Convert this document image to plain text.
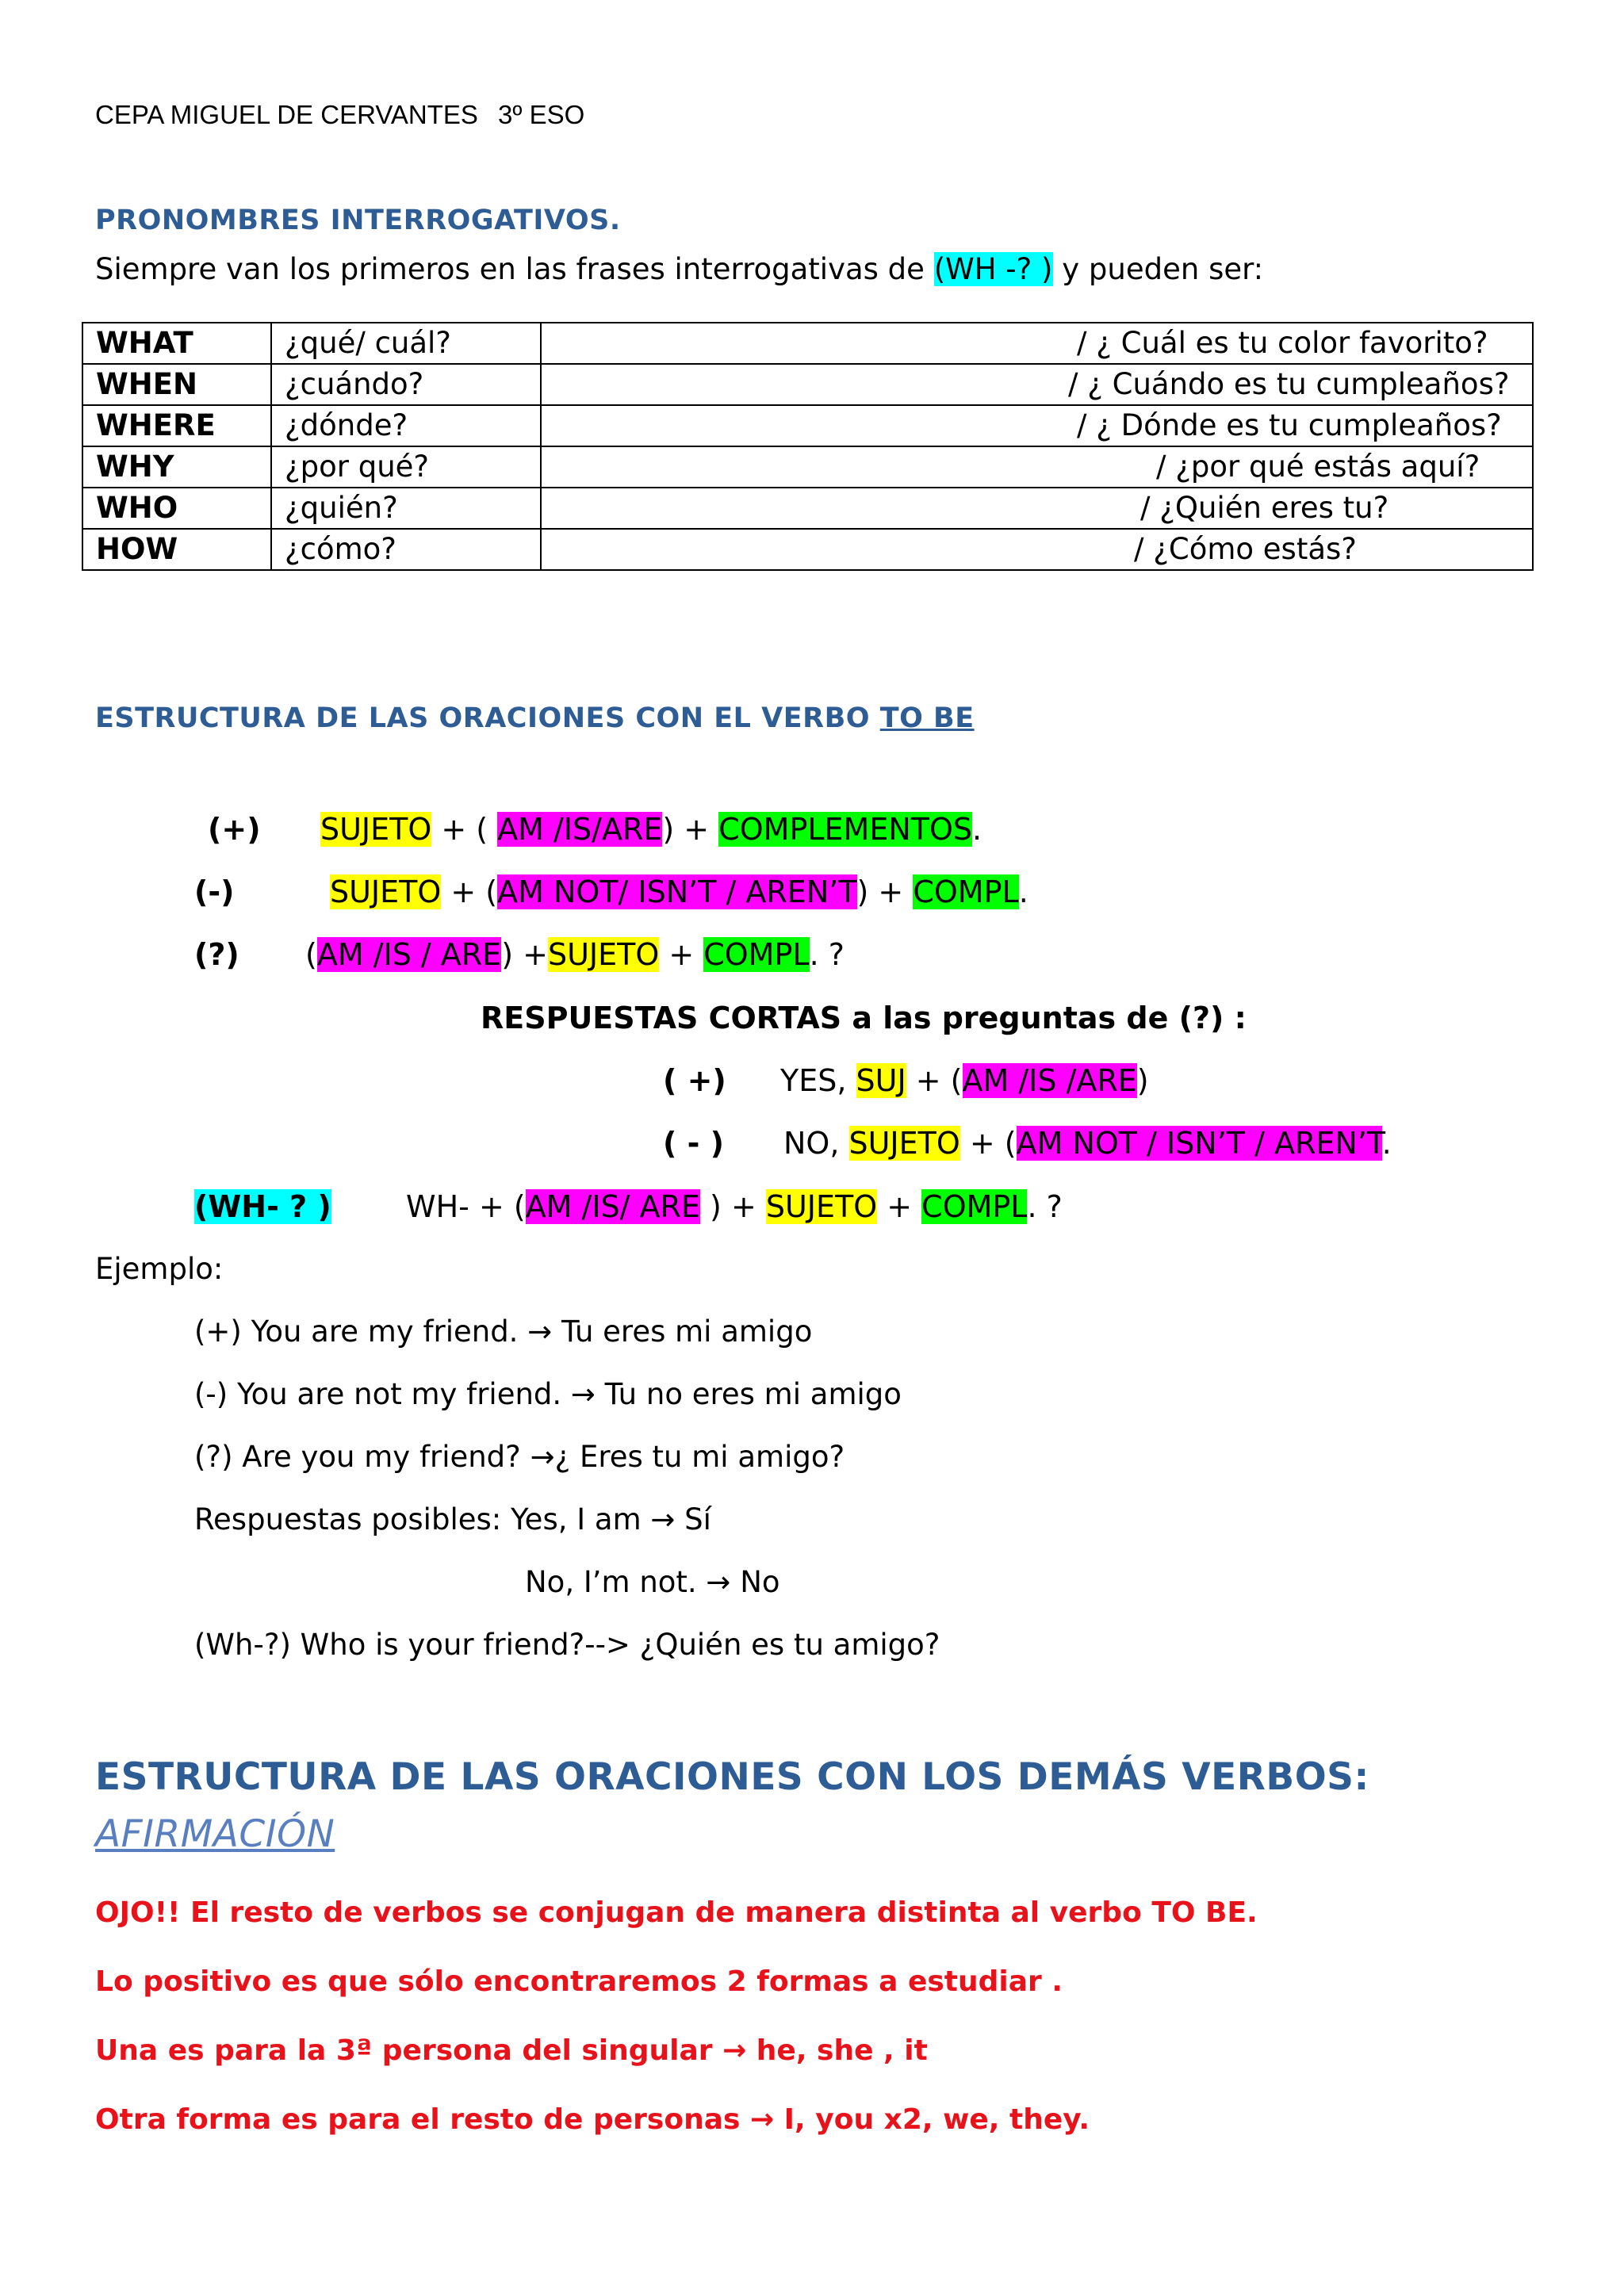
CEPA MIGUEL DE CERVANTES 3º ESO
PRONOMBRES INTERROGATIVOS.
Siempre van los primeros en las frases interrogativas de (WH -? ) y pueden ser:
WHAT	¿qué/ cuál?	/ ¿ Cuál es tu color favorito?

WHEN	¿cuándo?	/ ¿ Cuándo es tu cumpleaños?

WHERE	¿dónde?	/ ¿ Dónde es tu cumpleaños?

WHY	¿por qué?	/ ¿por qué estás aquí?

WHO	¿quién?	/ ¿Quién eres tu?

HOW	¿cómo?	/ ¿Cómo estás?
ESTRUCTURA DE LAS ORACIONES CON EL VERBO TO BE
(+) SUJETO + ( AM /IS/ARE) + COMPLEMENTOS.
(-)	SUJETO + (AM NOT/ ISN’T / AREN’T) + COMPL.
(?) (AM /IS / ARE) +SUJETO + COMPL. ?
RESPUESTAS CORTAS a las preguntas de (?) :
( +) YES, SUJ + (AM /IS /ARE)
( - ) NO, SUJETO + (AM NOT / ISN’T / AREN’T.
(WH- ? ) WH- + (AM /IS/ ARE ) + SUJETO + COMPL. ?
Ejemplo:
(+) You are my friend. → Tu eres mi amigo
(-) You are not my friend. → Tu no eres mi amigo
(?) Are you my friend? →¿ Eres tu mi amigo?
Respuestas posibles: Yes, I am → Sí
No, I’m not. → No
(Wh-?) Who is your friend?--> ¿Quién es tu amigo?
ESTRUCTURA DE LAS ORACIONES CON LOS DEMÁS VERBOS:
AFIRMACIÓN
OJO!! El resto de verbos se conjugan de manera distinta al verbo TO BE.
Lo positivo es que sólo encontraremos 2 formas a estudiar .
Una es para la 3ª persona del singular → he, she , it
Otra forma es para el resto de personas → I, you x2, we, they.
